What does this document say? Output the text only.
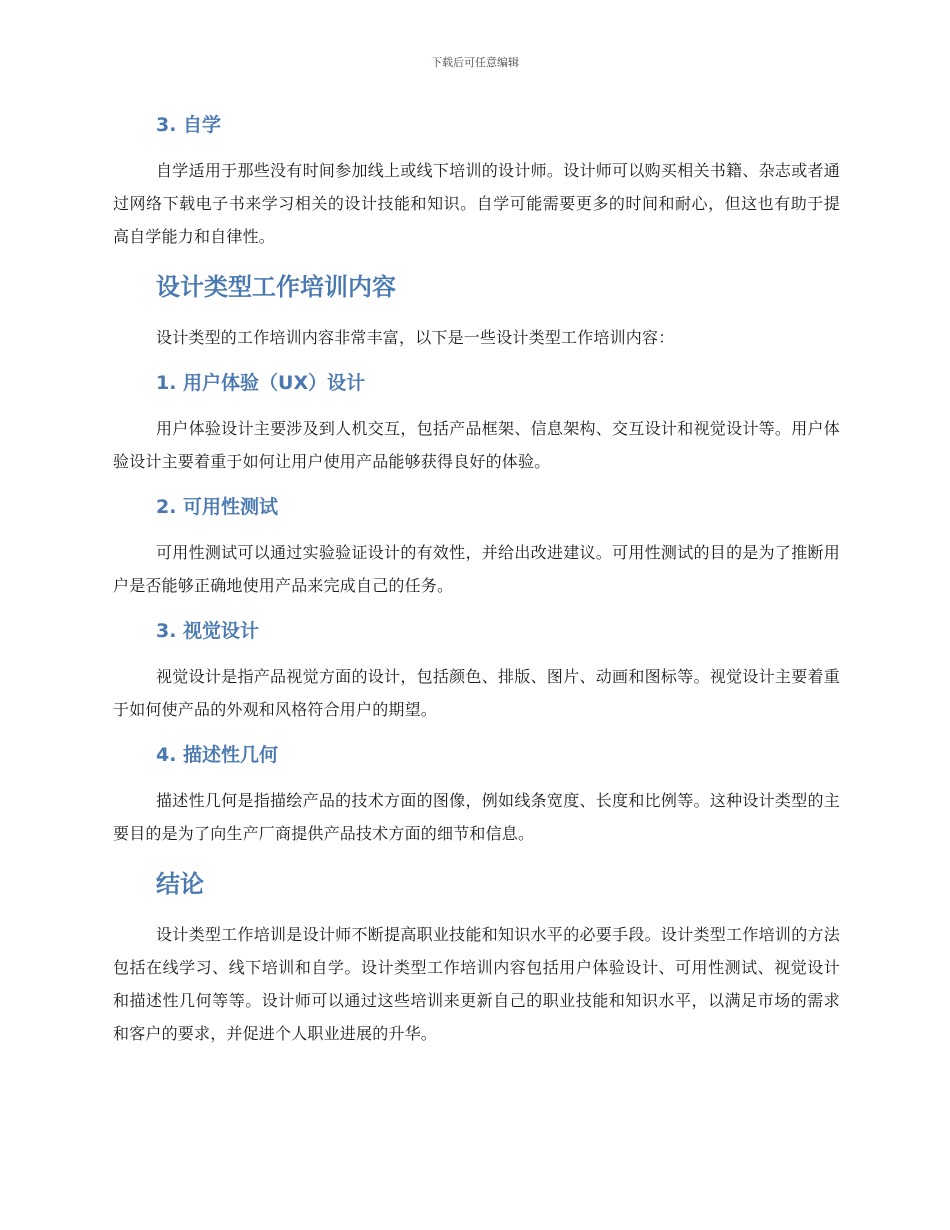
下载后可任意编辑
3. 自学

自学适用于那些没有时间参加线上或线下培训的设计师。设计师可以购买相关书籍、杂志或者通过网络下载电子书来学习相关的设计技能和知识。自学可能需要更多的时间和耐心，但这也有助于提高自学能力和自律性。

设计类型工作培训内容

设计类型的工作培训内容非常丰富，以下是一些设计类型工作培训内容：

1. 用户体验（UX）设计

用户体验设计主要涉及到人机交互，包括产品框架、信息架构、交互设计和视觉设计等。用户体验设计主要着重于如何让用户使用产品能够获得良好的体验。

2. 可用性测试

可用性测试可以通过实验验证设计的有效性，并给出改进建议。可用性测试的目的是为了推断用户是否能够正确地使用产品来完成自己的任务。

3. 视觉设计

视觉设计是指产品视觉方面的设计，包括颜色、排版、图片、动画和图标等。视觉设计主要着重于如何使产品的外观和风格符合用户的期望。

4. 描述性几何

描述性几何是指描绘产品的技术方面的图像，例如线条宽度、长度和比例等。这种设计类型的主要目的是为了向生产厂商提供产品技术方面的细节和信息。

结论

设计类型工作培训是设计师不断提高职业技能和知识水平的必要手段。设计类型工作培训的方法包括在线学习、线下培训和自学。设计类型工作培训内容包括用户体验设计、可用性测试、视觉设计和描述性几何等等。设计师可以通过这些培训来更新自己的职业技能和知识水平，以满足市场的需求和客户的要求，并促进个人职业进展的升华。
